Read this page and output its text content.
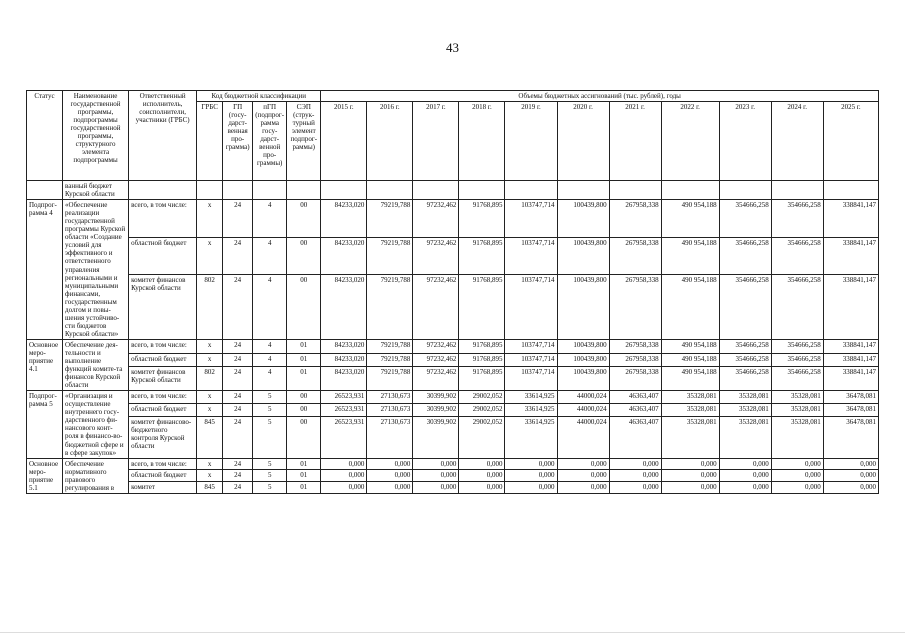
43
Статус	Наименование государственной программы, подпрограммы государственной программы, структурного элемента подпрограммы	Ответственный исполнитель, соисполнители, участники (ГРБС)	Код бюджетной классификации				Объемы бюджетных ассигнований (тыс. рублей), годы										
			ГРБС	ГП (госу-дарст-венная про-грамма)	пГП (подпрог-рамма госу-дарст-венной про-граммы)	СЭП (струк-турный элемент подпрог-раммы)	2015 г.	2016 г.	2017 г.	2018 г.	2019 г.	2020 г.	2021 г.	2022 г.	2023 г.	2024 г.	2025 г.
	ванный бюджет Курской области																
Подпрог-рамма 4	«Обеспечение реализации государственной программы Курской области «Создание условий для эффективного и ответственного управления региональными и муниципальными финансами, государственным долгом и повы-шения устойчиво-сти бюджетов Курской области»	всего, в том числе:	x	24	4	00	84233,020	79219,788	97232,462	91768,895	103747,714	100439,800	267958,338	490 954,188	354666,258	354666,258	338841,147
		областной бюджет	x	24	4	00	84233,020	79219,788	97232,462	91768,895	103747,714	100439,800	267958,338	490 954,188	354666,258	354666,258	338841,147
		комитет финансов Курской области	802	24	4	00	84233,020	79219,788	97232,462	91768,895	103747,714	100439,800	267958,338	490 954,188	354666,258	354666,258	338841,147
Основное меро-приятие 4.1	Обеспечение дея-тельности и выполнение функций комите-та финансов Курской области	всего, в том числе:	x	24	4	01	84233,020	79219,788	97232,462	91768,895	103747,714	100439,800	267958,338	490 954,188	354666,258	354666,258	338841,147
		областной бюджет	x	24	4	01	84233,020	79219,788	97232,462	91768,895	103747,714	100439,800	267958,338	490 954,188	354666,258	354666,258	338841,147
		комитет финансов Курской области	802	24	4	01	84233,020	79219,788	97232,462	91768,895	103747,714	100439,800	267958,338	490 954,188	354666,258	354666,258	338841,147
Подпрог-рамма 5	«Организация и осуществление внутреннего госу-дарственного фи-нансового конт-роля в финансо-во-бюджетной сфере и в сфере закупок»	всего, в том числе:	x	24	5	00	26523,931	27130,673	30399,902	29002,052	33614,925	44000,024	46363,407	35328,081	35328,081	35328,081	36478,081
		областной бюджет	x	24	5	00	26523,931	27130,673	30399,902	29002,052	33614,925	44000,024	46363,407	35328,081	35328,081	35328,081	36478,081
		комитет финансово-бюджетного контроля Курской области	845	24	5	00	26523,931	27130,673	30399,902	29002,052	33614,925	44000,024	46363,407	35328,081	35328,081	35328,081	36478,081
Основное меро-приятие 5.1	Обеспечение нормативного правового регулирования в	всего, в том числе:	x	24	5	01	0,000	0,000	0,000	0,000	0,000	0,000	0,000	0,000	0,000	0,000	0,000
		областной бюджет	x	24	5	01	0,000	0,000	0,000	0,000	0,000	0,000	0,000	0,000	0,000	0,000	0,000
		комитет	845	24	5	01	0,000	0,000	0,000	0,000	0,000	0,000	0,000	0,000	0,000	0,000	0,000
